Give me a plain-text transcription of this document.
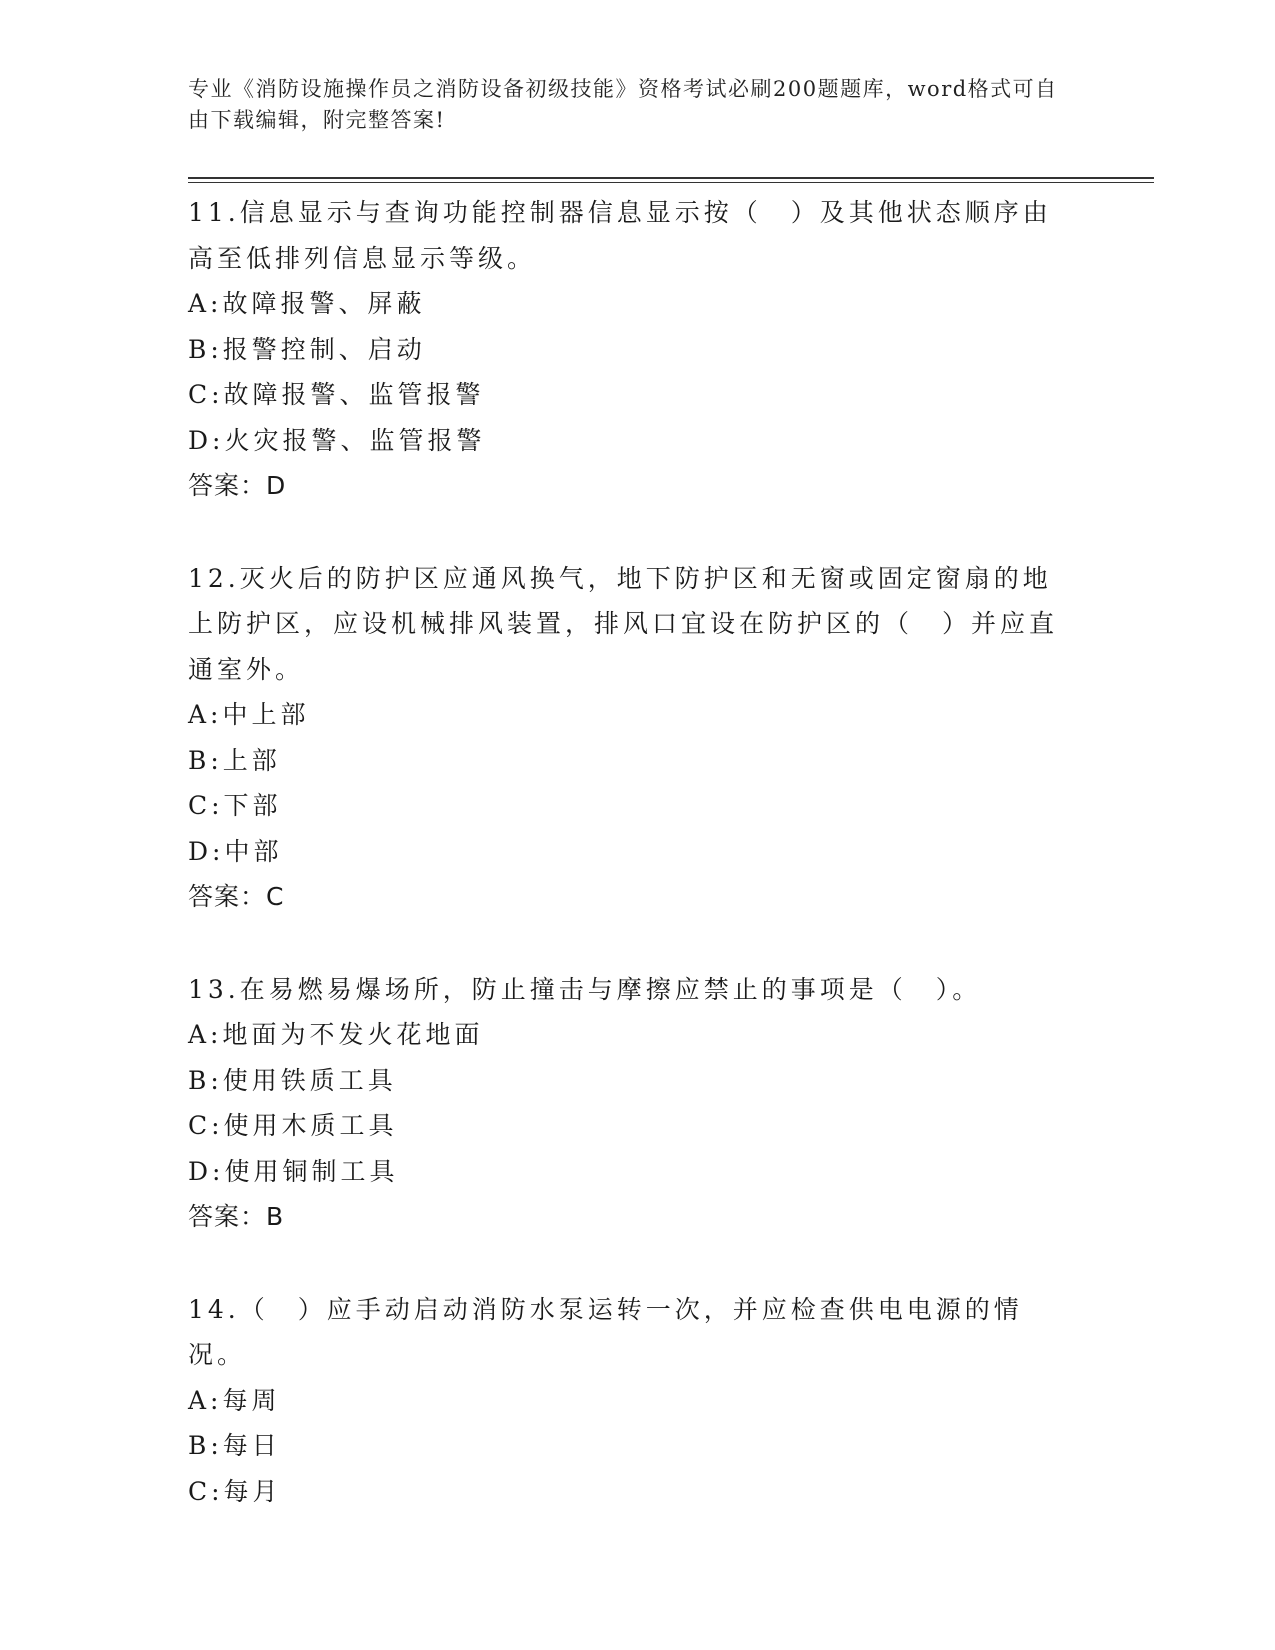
专业《消防设施操作员之消防设备初级技能》资格考试必刷200题题库，word格式可自由下载编辑，附完整答案!

11.信息显示与查询功能控制器信息显示按（　）及其他状态顺序由高至低排列信息显示等级。

A:故障报警、屏蔽

B:报警控制、启动

C:故障报警、监管报警

D:火灾报警、监管报警

答案：D

12.灭火后的防护区应通风换气，地下防护区和无窗或固定窗扇的地上防护区，应设机械排风装置，排风口宜设在防护区的（　）并应直通室外。

A:中上部

B:上部

C:下部

D:中部

答案：C

13.在易燃易爆场所，防止撞击与摩擦应禁止的事项是（　）。

A:地面为不发火花地面

B:使用铁质工具

C:使用木质工具

D:使用铜制工具

答案：B

14.（　）应手动启动消防水泵运转一次，并应检查供电电源的情况。

A:每周

B:每日

C:每月
